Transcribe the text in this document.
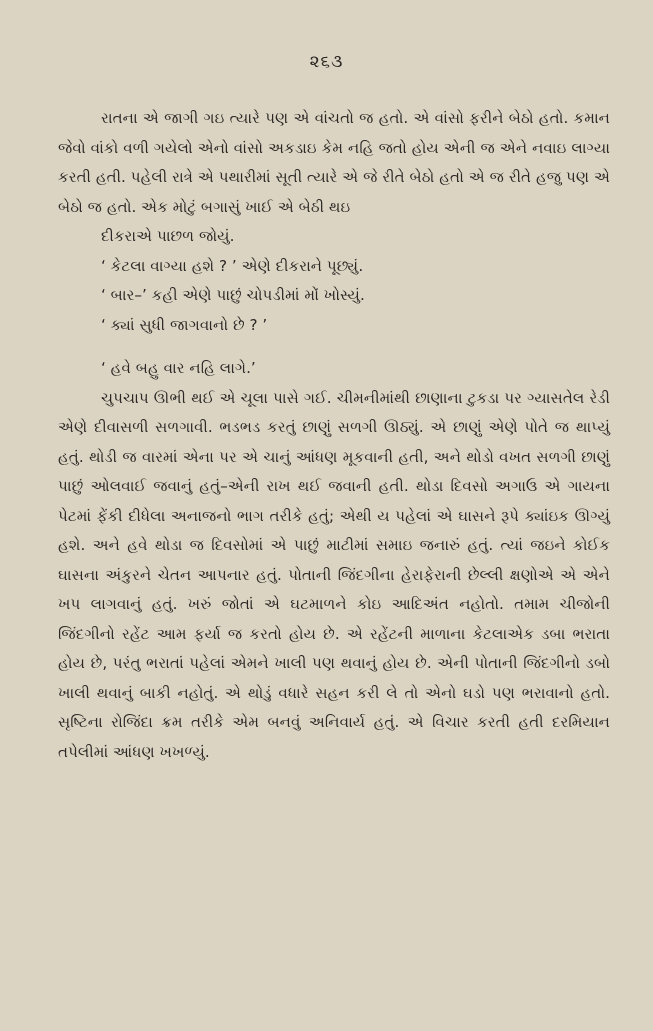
૨૬૩

રાતના એ જાગી ગઇ ત્યારે પણ એ વાંચતો જ હતો. એ વાંસો ફરીને બેઠો હતો. કમાન જેવો વાંકો વળી ગયેલો એનો વાંસો અકડાઇ કેમ નહિ જતો હોય એની જ એને નવાઇ લાગ્યા કરતી હતી. પહેલી રાત્રે એ પથારીમાં સૂતી ત્યારે એ જે રીતે બેઠો હતો એ જ રીતે હજુ પણ એ બેઠો જ હતો. એક મોટું બગાસું ખાઈ એ બેઠી થઇ

દીકરાએ પાછળ જોયું.

‘ કેટલા વાગ્યા હશે ? ’ એણે દીકરાને પૂછ્યું.

‘ બાર–’ કહી એણે પાછું ચોપડીમાં મોં ખોસ્યું.

‘ ક્યાં સુધી જાગવાનો છે ? ’

‘ હવે બહુ વાર નહિ લાગે.’

ચુપચાપ ઊભી થઈ એ ચૂલા પાસે ગઈ. ચીમનીમાંથી છાણાના ટુકડા પર ગ્યાસતેલ રેડી એણે દીવાસળી સળગાવી. ભડભડ કરતું છાણું સળગી ઊઠ્યું. એ છાણું એણે પોતે જ થાપ્યું હતું. થોડી જ વારમાં એના પર એ ચાનું આંધણ મૂકવાની હતી, અને થોડો વખત સળગી છાણું પાછું ઓલવાઈ જવાનું હતું–એની રાખ થઈ જવાની હતી. થોડા દિવસો અગાઉ એ ગાયના પેટમાં ફેંકી દીધેલા અનાજનો ભાગ તરીકે હતું; એથી ય પહેલાં એ ઘાસને રૂપે ક્યાંઇક ઊગ્યું હશે. અને હવે થોડા જ દિવસોમાં એ પાછું માટીમાં સમાઇ જનારું હતું. ત્યાં જઇને કોઈક ઘાસના અંકુરને ચેતન આપનાર હતું. પોતાની જિંદગીના હેરાફેરાની છેલ્લી ક્ષણોએ એ એને ખપ લાગવાનું હતું. ખરું જોતાં એ ઘટમાળને કોઇ આદિઅંત નહોતો. તમામ ચીજોની જિંદગીનો રહેંટ આમ ફર્યા જ કરતો હોય છે. એ રહેંટની માળાના કેટલાએક ડબા ભરાતા હોય છે, પરંતુ ભરાતાં પહેલાં એમને ખાલી પણ થવાનું હોય છે. એની પોતાની જિંદગીનો ડબો ખાલી થવાનું બાકી નહોતું. એ થોડું વધારે સહન કરી લે તો એનો ઘડો પણ ભરાવાનો હતો. સૃષ્ટિના રોજિંદા ક્રમ તરીકે એમ બનવું અનિવાર્ય હતું. એ વિચાર કરતી હતી દરમિયાન તપેલીમાં આંધણ ખખળ્યું.
